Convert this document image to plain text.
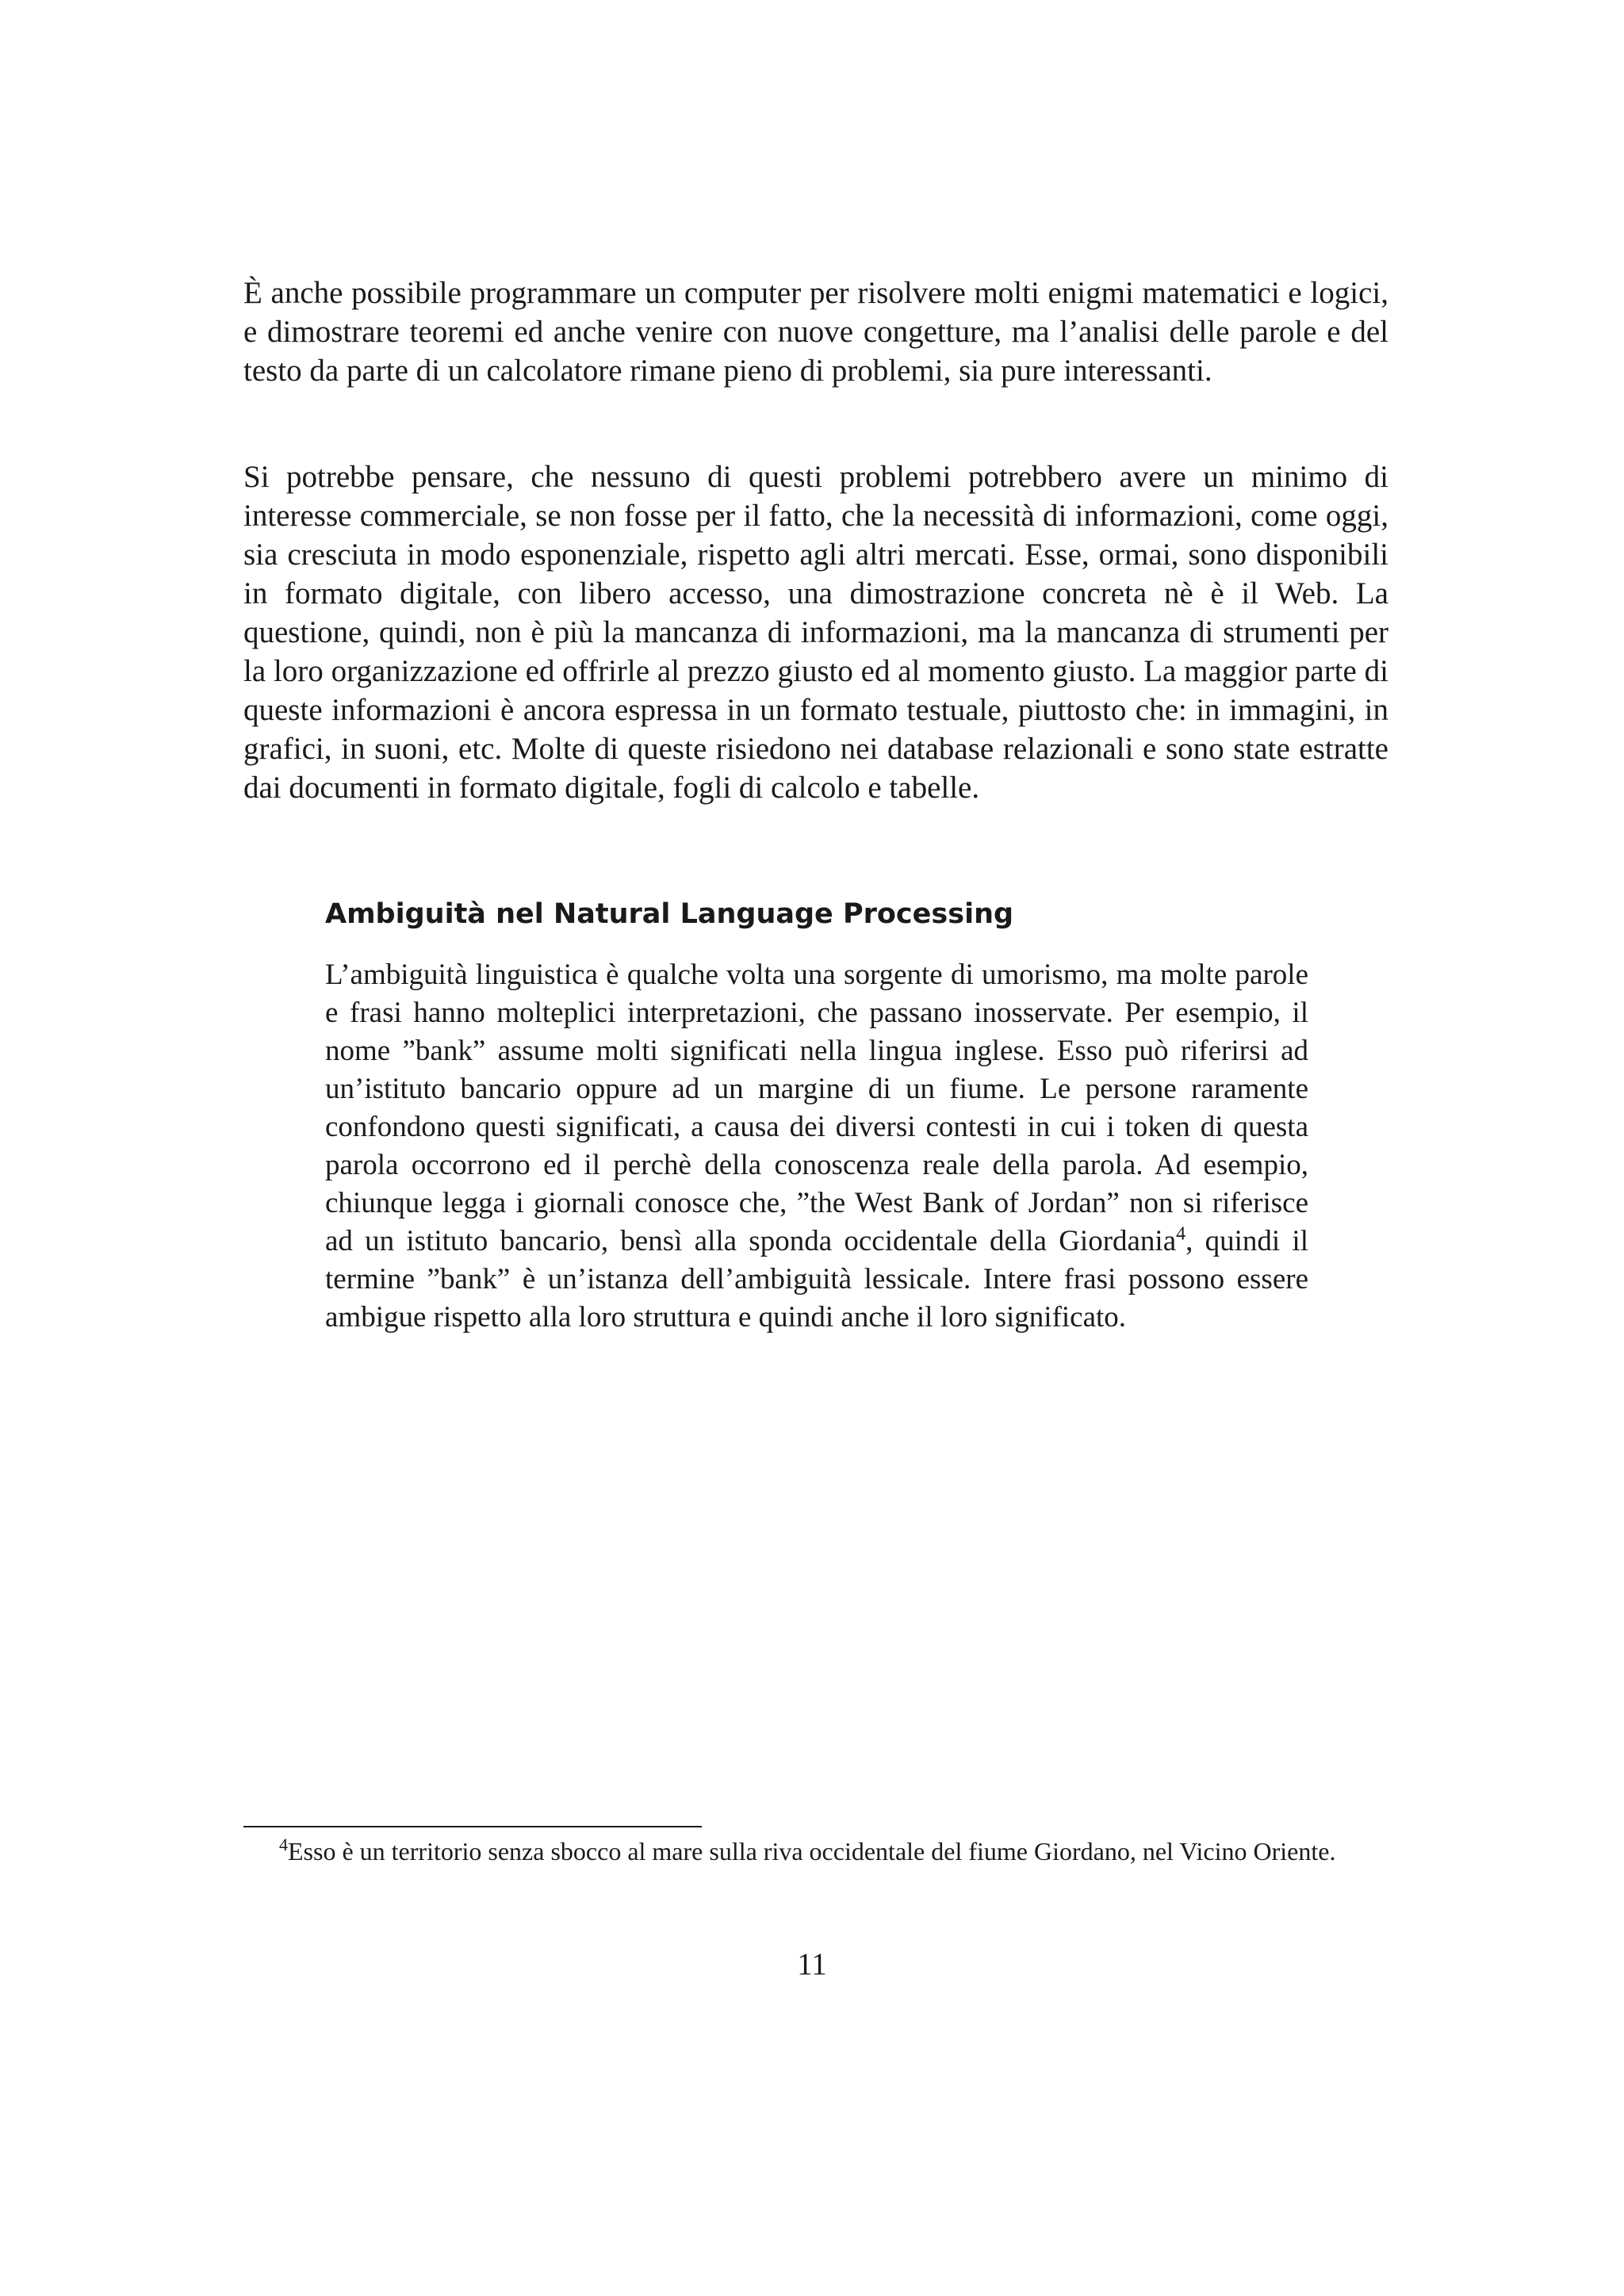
È anche possibile programmare un computer per risolvere molti enigmi matematici e logici, e dimostrare teoremi ed anche venire con nuove congetture, ma l’analisi delle parole e del testo da parte di un calcolatore rimane pieno di problemi, sia pure interessanti.

Si potrebbe pensare, che nessuno di questi problemi potrebbero avere un minimo di interesse commerciale, se non fosse per il fatto, che la necessità di informazioni, come oggi, sia cresciuta in modo esponenziale, rispetto agli altri mercati. Esse, ormai, sono disponibili in formato digitale, con libero accesso, una dimostrazione concreta nè è il Web. La questione, quindi, non è più la mancanza di informazioni, ma la mancanza di strumenti per la loro organizzazione ed offrirle al prezzo giusto ed al momento giusto. La maggior parte di queste informazioni è ancora espressa in un formato testuale, piuttosto che: in immagini, in grafici, in suoni, etc. Molte di queste risiedono nei database relazionali e sono state estratte dai documenti in formato digitale, fogli di calcolo e tabelle.

Ambiguità nel Natural Language Processing

L’ambiguità linguistica è qualche volta una sorgente di umorismo, ma molte parole e frasi hanno molteplici interpretazioni, che passano inosservate. Per esempio, il nome ”bank” assume molti significati nella lingua inglese. Esso può riferirsi ad un’istituto bancario oppure ad un margine di un fiume. Le persone raramente confondono questi significati, a causa dei diversi contesti in cui i token di questa parola occorrono ed il perchè della conoscenza reale della parola. Ad esempio, chiunque legga i giornali conosce che, ”the West Bank of Jordan” non si riferisce ad un istituto bancario, bensì alla sponda occidentale della Giordania$^4$, quindi il termine ”bank” è un’istanza dell’ambiguità lessicale. Intere frasi possono essere ambigue rispetto alla loro struttura e quindi anche il loro significato.

$^4$Esso è un territorio senza sbocco al mare sulla riva occidentale del fiume Giordano, nel Vicino Oriente.

11
